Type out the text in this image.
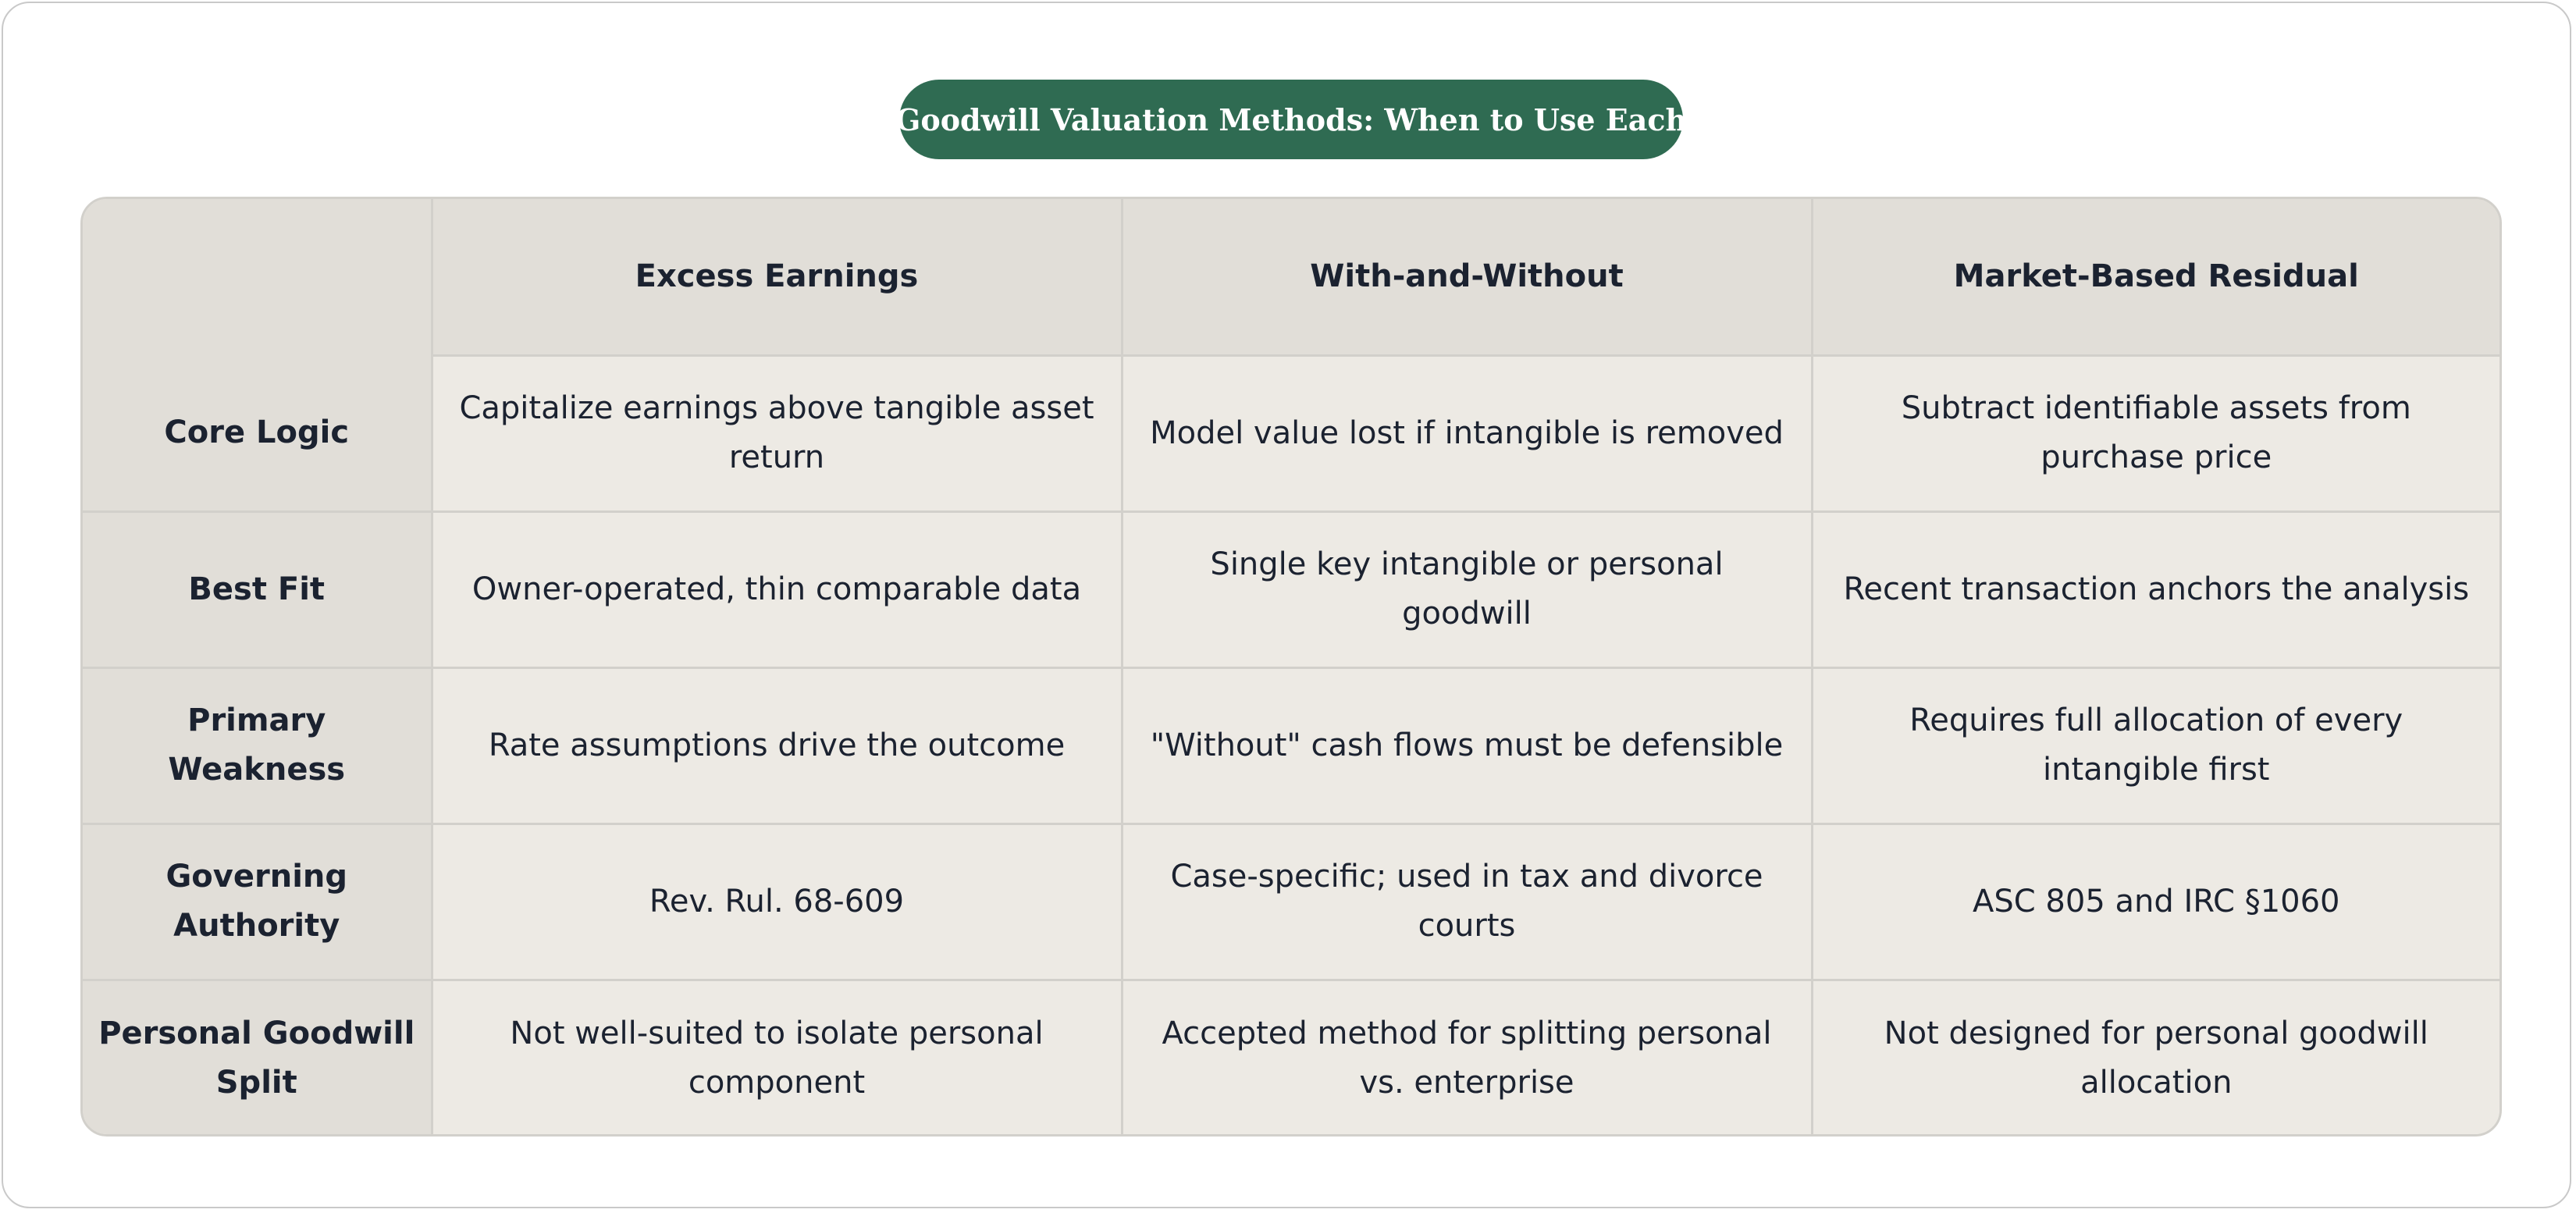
Goodwill Valuation Methods: When to Use Each
	Excess Earnings	With-and-Without	Market-Based Residual
Core Logic	Capitalize earnings above tangible asset return	Model value lost if intangible is removed	Subtract identifiable assets from purchase price
Best Fit	Owner-operated, thin comparable data	Single key intangible or personal goodwill	Recent transaction anchors the analysis
Primary Weakness	Rate assumptions drive the outcome	"Without" cash flows must be defensible	Requires full allocation of every intangible first
Governing Authority	Rev. Rul. 68-609	Case-specific; used in tax and divorce courts	ASC 805 and IRC §1060
Personal Goodwill Split	Not well-suited to isolate personal component	Accepted method for splitting personal vs. enterprise	Not designed for personal goodwill allocation
